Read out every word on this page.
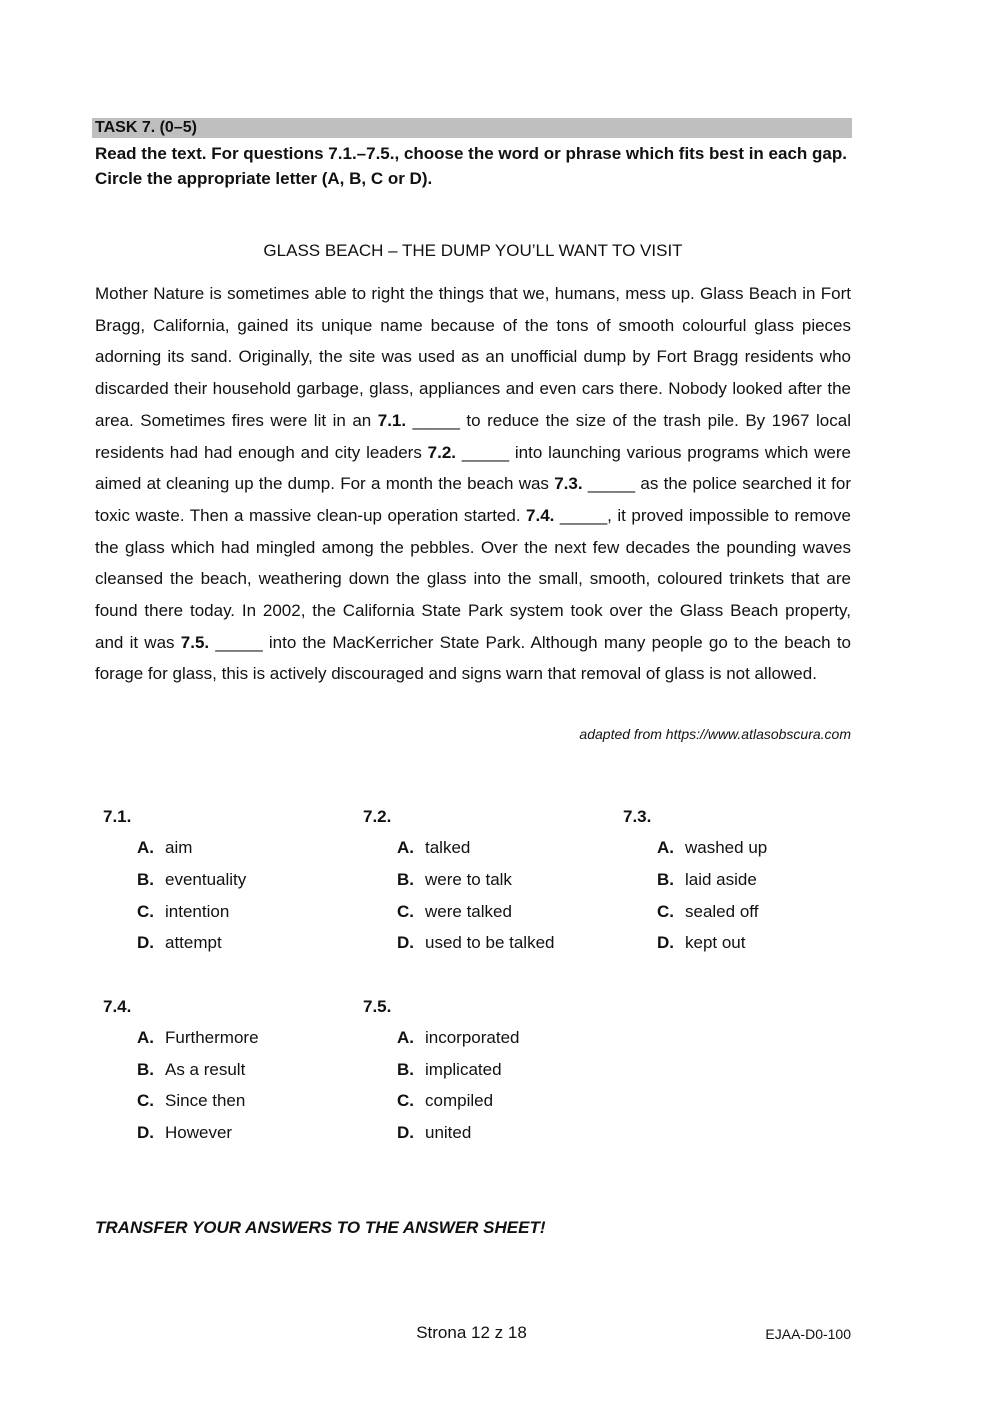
TASK 7. (0–5)
Read the text. For questions 7.1.–7.5., choose the word or phrase which fits best in each gap. Circle the appropriate letter (A, B, C or D).
GLASS BEACH – THE DUMP YOU’LL WANT TO VISIT
Mother Nature is sometimes able to right the things that we, humans, mess up. Glass Beach in Fort Bragg, California, gained its unique name because of the tons of smooth colourful glass pieces adorning its sand. Originally, the site was used as an unofficial dump by Fort Bragg residents who discarded their household garbage, glass, appliances and even cars there. Nobody looked after the area. Sometimes fires were lit in an 7.1. _____ to reduce the size of the trash pile. By 1967 local residents had had enough and city leaders 7.2. _____ into launching various programs which were aimed at cleaning up the dump. For a month the beach was 7.3. _____ as the police searched it for toxic waste. Then a massive clean-up operation started. 7.4. _____, it proved impossible to remove the glass which had mingled among the pebbles. Over the next few decades the pounding waves cleansed the beach, weathering down the glass into the small, smooth, coloured trinkets that are found there today. In 2002, the California State Park system took over the Glass Beach property, and it was 7.5. _____ into the MacKerricher State Park. Although many people go to the beach to forage for glass, this is actively discouraged and signs warn that removal of glass is not allowed.
adapted from https://www.atlasobscura.com
7.1.
A. aim
B. eventuality
C. intention
D. attempt
7.2.
A. talked
B. were to talk
C. were talked
D. used to be talked
7.3.
A. washed up
B. laid aside
C. sealed off
D. kept out
7.4.
A. Furthermore
B. As a result
C. Since then
D. However
7.5.
A. incorporated
B. implicated
C. compiled
D. united
TRANSFER YOUR ANSWERS TO THE ANSWER SHEET!
Strona 12 z 18	EJAA-D0-100
